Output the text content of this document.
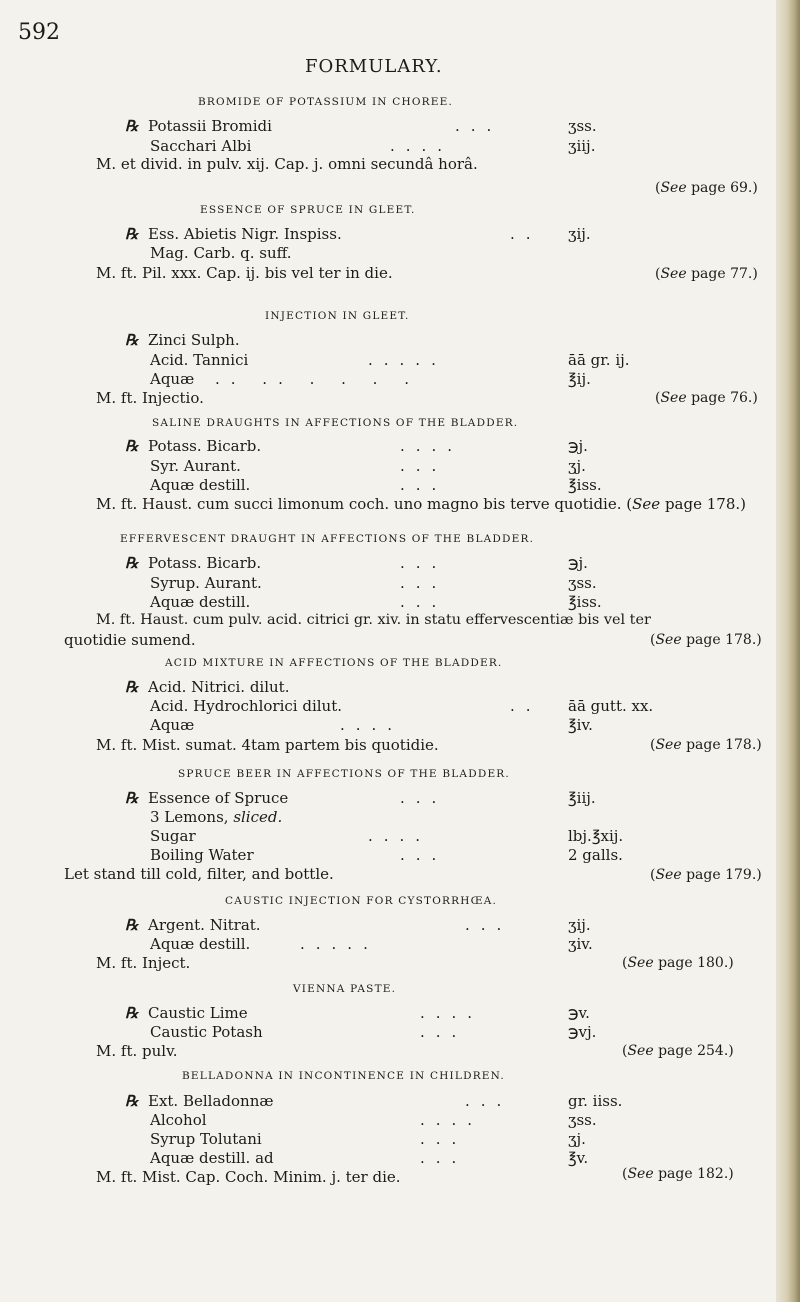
592
FORMULARY.
BROMIDE OF POTASSIUM IN CHOREE.
℞ Potassii Bromidi	...	ʒss.
Sacchari Albi	....	ʒiij.
M. et divid. in pulv. xij. Cap. j. omni secundâ horâ.
(See page 69.)
ESSENCE OF SPRUCE IN GLEET.
℞ Ess. Abietis Nigr. Inspiss.	.. ʒij.
Mag. Carb. q. suff.
M. ft. Pil. xxx. Cap. ij. bis vel ter in die.	(See page 77.)
INJECTION IN GLEET.
℞ Zinci Sulph.
Acid. Tannici	.....	āā gr. ij.
Aquæ .. .. . . . .	℥ij.
M. ft. Injectio.	(See page 76.)
SALINE DRAUGHTS IN AFFECTIONS OF THE BLADDER.
℞ Potass. Bicarb.	....	℈j.
Syr. Aurant.	...	ʒj.
Aquæ destill.	...	℥iss.
M. ft. Haust. cum succi limonum coch. uno magno bis terve quotidie. (See page 178.)
EFFERVESCENT DRAUGHT IN AFFECTIONS OF THE BLADDER.
℞ Potass. Bicarb.	...	℈j.
Syrup. Aurant.	...	ʒss.
Aquæ destill.	...	℥iss.
M. ft. Haust. cum pulv. acid. citrici gr. xiv. in statu effervescentiæ bis vel ter
quotidie sumend.	(See page 178.)
ACID MIXTURE IN AFFECTIONS OF THE BLADDER.
℞ Acid. Nitrici. dilut.
Acid. Hydrochlorici dilut.	.. āā gutt. xx.
Aquæ	....	℥iv.
M. ft. Mist. sumat. 4tam partem bis quotidie.	(See page 178.)
SPRUCE BEER IN AFFECTIONS OF THE BLADDER.
℞ Essence of Spruce	...	℥iij.
3 Lemons, sliced.
Sugar	....	lbj.℥xij.
Boiling Water	...	2 galls.
Let stand till cold, filter, and bottle.	(See page 179.)
CAUSTIC INJECTION FOR CYSTORRHŒA.
℞ Argent. Nitrat.	...	ʒij.
Aquæ destill.	.....	ʒiv.
M. ft. Inject.	(See page 180.)
VIENNA PASTE.
℞ Caustic Lime	....	℈v.
Caustic Potash	...	℈vj.
M. ft. pulv.	(See page 254.)
BELLADONNA IN INCONTINENCE IN CHILDREN.
℞ Ext. Belladonnæ	...	gr. iiss.
Alcohol	....	ʒss.
Syrup Tolutani	...	ʒj.
Aquæ destill. ad	...	℥v.
M. ft. Mist. Cap. Coch. Minim. j. ter die.	(See page 182.)
